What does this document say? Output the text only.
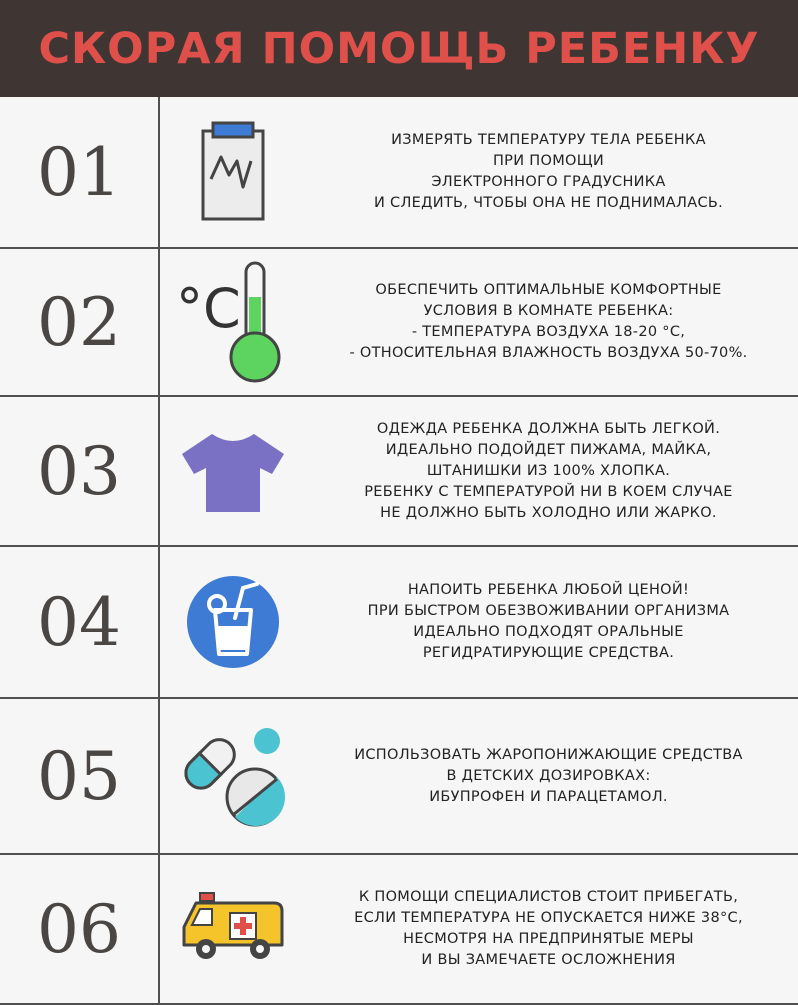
СКОРАЯ ПОМОЩЬ РЕБЕНКУ
01	ИЗМЕРЯТЬ ТЕМПЕРАТУРУ ТЕЛА РЕБЕНКА
ПРИ ПОМОЩИ
ЭЛЕКТРОННОГО ГРАДУСНИКА
И СЛЕДИТЬ, ЧТОБЫ ОНА НЕ ПОДНИМАЛАСЬ.
02	°C	ОБЕСПЕЧИТЬ ОПТИМАЛЬНЫЕ КОМФОРТНЫЕ
УСЛОВИЯ В КОМНАТЕ РЕБЕНКА:
- ТЕМПЕРАТУРА ВОЗДУХА 18-20 °С,
- ОТНОСИТЕЛЬНАЯ ВЛАЖНОСТЬ ВОЗДУХА 50-70%.
03
ОДЕЖДА РЕБЕНКА ДОЛЖНА БЫТЬ ЛЕГКОЙ.
ИДЕАЛЬНО ПОДОЙДЕТ ПИЖАМА, МАЙКА,
ШТАНИШКИ ИЗ 100% ХЛОПКА.
РЕБЕНКУ С ТЕМПЕРАТУРОЙ НИ В КОЕМ СЛУЧАЕ
НЕ ДОЛЖНО БЫТЬ ХОЛОДНО ИЛИ ЖАРКО.
04	НАПОИТЬ РЕБЕНКА ЛЮБОЙ ЦЕНОЙ!
ПРИ БЫСТРОМ ОБЕЗВОЖИВАНИИ ОРГАНИЗМА
ИДЕАЛЬНО ПОДХОДЯТ ОРАЛЬНЫЕ
РЕГИДРАТИРУЮЩИЕ СРЕДСТВА.
05	ИСПОЛЬЗОВАТЬ ЖАРОПОНИЖАЮЩИЕ СРЕДСТВА
В ДЕТСКИХ ДОЗИРОВКАХ:
ИБУПРОФЕН И ПАРАЦЕТАМОЛ.
06	К ПОМОЩИ СПЕЦИАЛИСТОВ СТОИТ ПРИБЕГАТЬ,
ЕСЛИ ТЕМПЕРАТУРА НЕ ОПУСКАЕТСЯ НИЖЕ 38°С,
НЕСМОТРЯ НА ПРЕДПРИНЯТЫЕ МЕРЫ
И ВЫ ЗАМЕЧАЕТЕ ОСЛОЖНЕНИЯ
